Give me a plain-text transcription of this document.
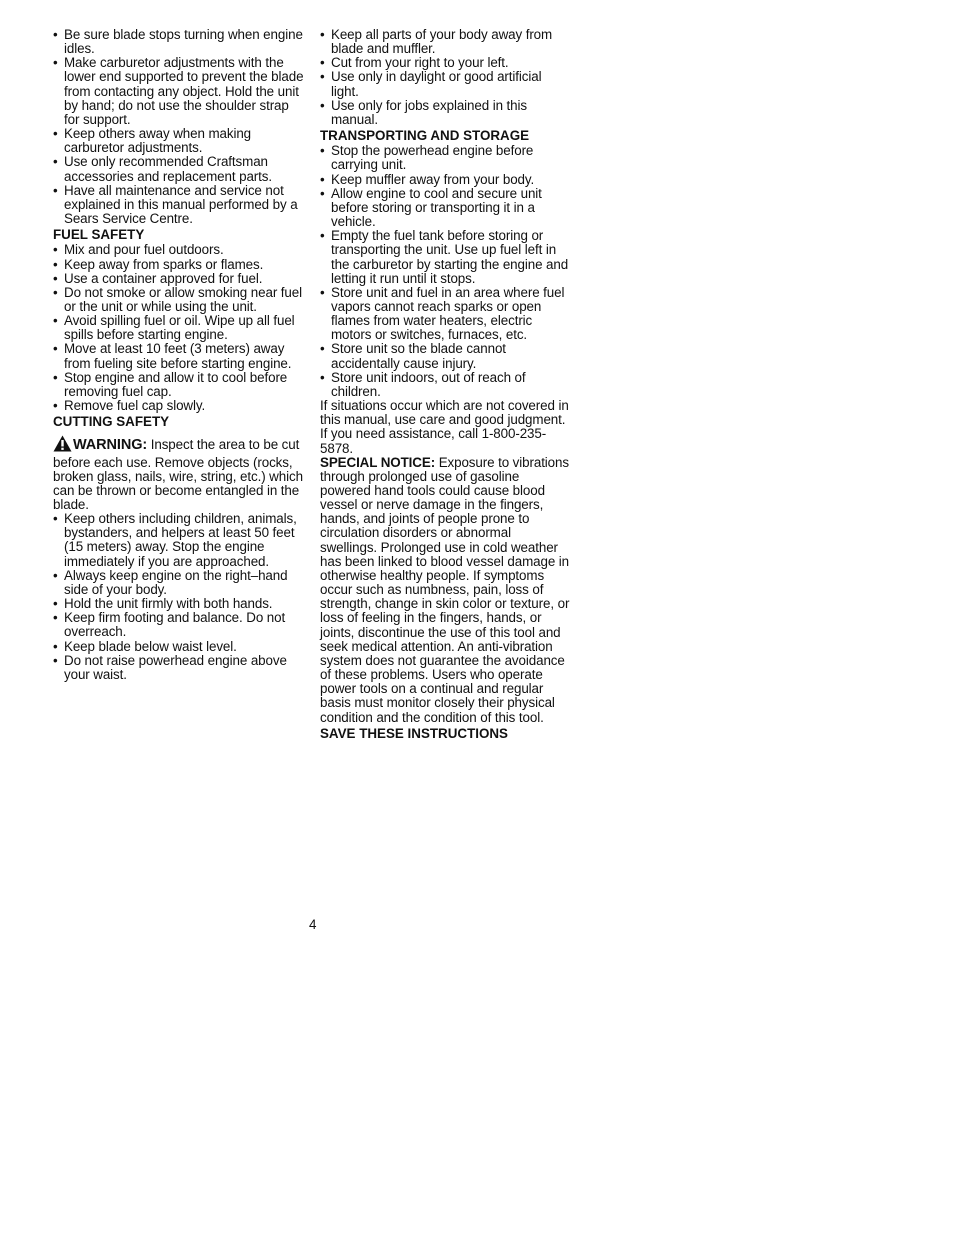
• Be sure blade stops turning when engine idles.
• Make carburetor adjustments with the lower end supported to prevent the blade from contacting any object. Hold the unit by hand; do not use the shoulder strap for support.
• Keep others away when making carburetor adjustments.
• Use only recommended Craftsman accessories and replacement parts.
• Have all maintenance and service not explained in this manual performed by a Sears Service Centre.
FUEL SAFETY
• Mix and pour fuel outdoors.
• Keep away from sparks or flames.
• Use a container approved for fuel.
• Do not smoke or allow smoking near fuel or the unit or while using the unit.
• Avoid spilling fuel or oil. Wipe up all fuel spills before starting engine.
• Move at least 10 feet (3 meters) away from fueling site before starting engine.
• Stop engine and allow it to cool before removing fuel cap.
• Remove fuel cap slowly.
CUTTING SAFETY

WARNING: Inspect the area to be cut before each use. Remove objects (rocks, broken glass, nails, wire, string, etc.) which can be thrown or become entangled in the blade.

• Keep others including children, animals, bystanders, and helpers at least 50 feet (15 meters) away. Stop the engine immediately if you are approached.
• Always keep engine on the right–hand side of your body.
• Hold the unit firmly with both hands.
• Keep firm footing and balance. Do not overreach.
• Keep blade below waist level.
• Do not raise powerhead engine above your waist.
• Keep all parts of your body away from blade and muffler.
• Cut from your right to your left.
• Use only in daylight or good artificial light.
• Use only for jobs explained in this manual.
TRANSPORTING AND STORAGE
• Stop the powerhead engine before carrying unit.
• Keep muffler away from your body.
• Allow engine to cool and secure unit before storing or transporting it in a vehicle.
• Empty the fuel tank before storing or transporting the unit. Use up fuel left in the carburetor by starting the engine and letting it run until it stops.
• Store unit and fuel in an area where fuel vapors cannot reach sparks or open flames from water heaters, electric motors or switches, furnaces, etc.
• Store unit so the blade cannot accidentally cause injury.
• Store unit indoors, out of reach of children.

If situations occur which are not covered in this manual, use care and good judgment. If you need assistance, call 1-800-235-5878.

SPECIAL NOTICE: Exposure to vibrations through prolonged use of gasoline powered hand tools could cause blood vessel or nerve damage in the fingers, hands, and joints of people prone to circulation disorders or abnormal swellings. Prolonged use in cold weather has been linked to blood vessel damage in otherwise healthy people. If symptoms occur such as numbness, pain, loss of strength, change in skin color or texture, or loss of feeling in the fingers, hands, or joints, discontinue the use of this tool and seek medical attention. An anti-vibration system does not guarantee the avoidance of these problems. Users who operate power tools on a continual and regular basis must monitor closely their physical condition and the condition of this tool.

SAVE THESE INSTRUCTIONS
4
